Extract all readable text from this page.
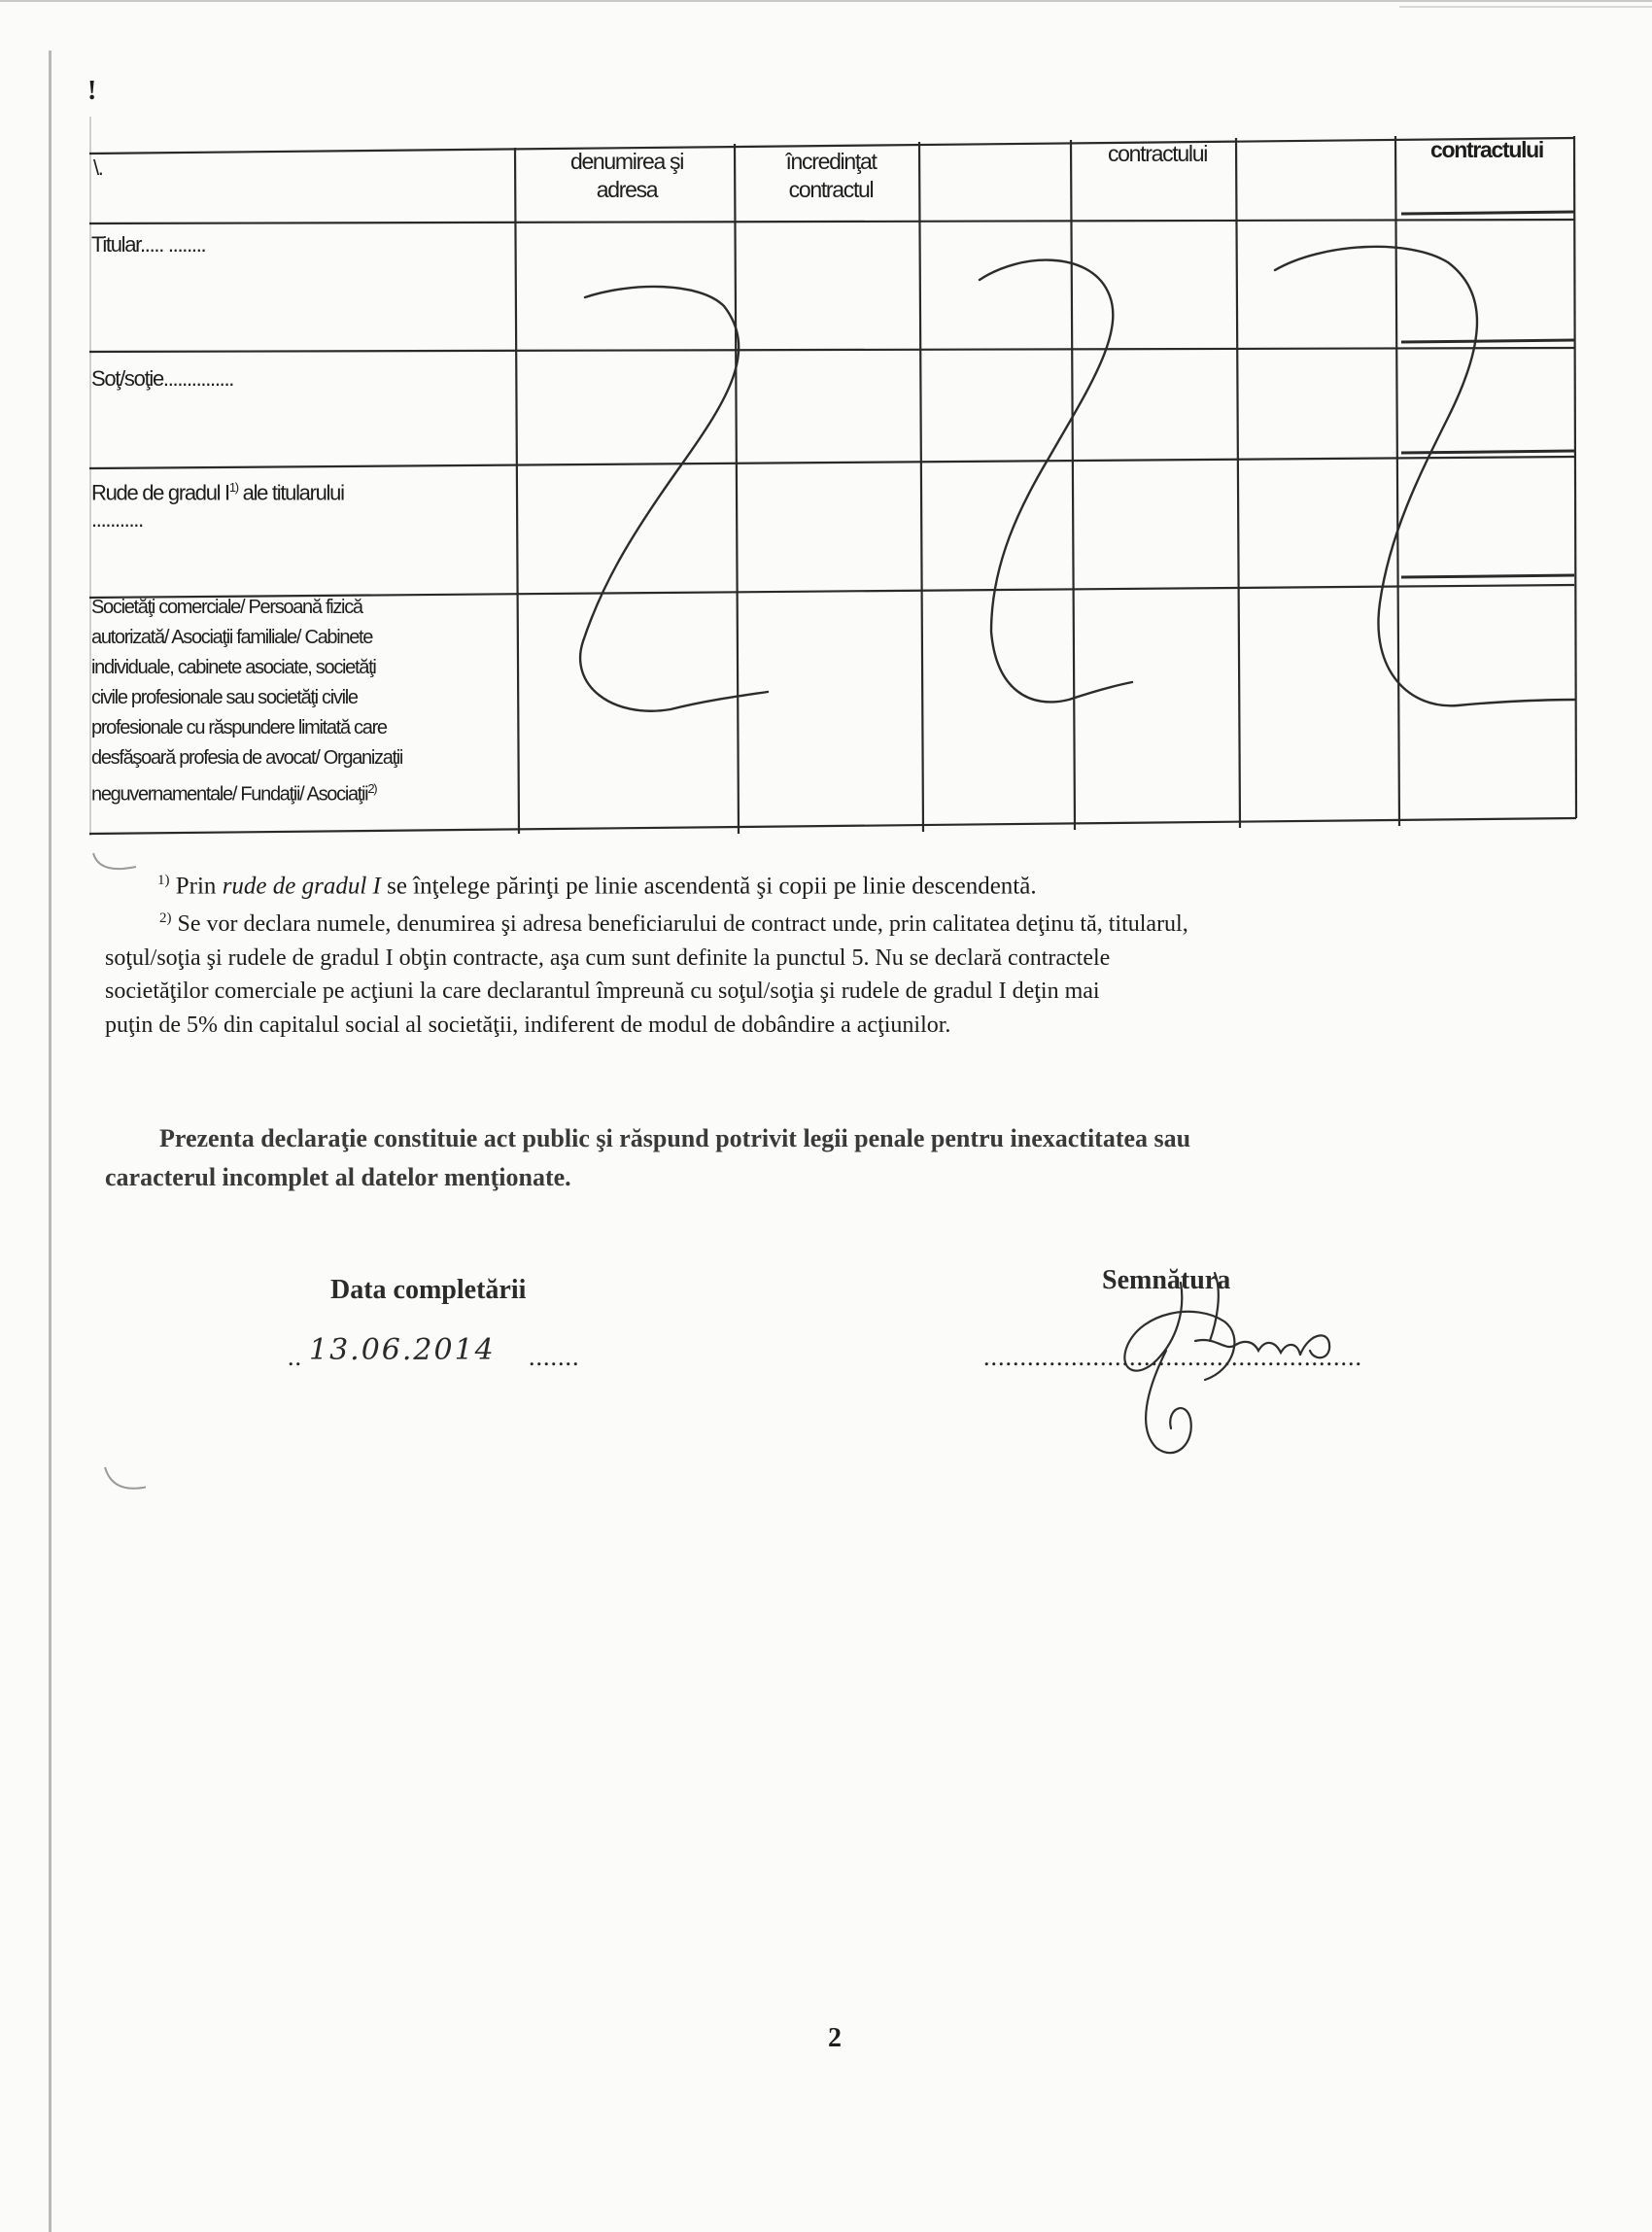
!
\.	denumirea şi adresa
încredinţat contractul
contractului	contractului
Titular..... ........
Soţ/soţie...............
Rude de gradul $I^{1)}$ ale titularului
...........
Societăţi comerciale/ Persoană fizică
autorizată/ Asociaţii familiale/ Cabinete
individuale, cabinete asociate, societăţi
civile profesionale sau societăţi civile
profesionale cu răspundere limitată care
desfăşoară profesia de avocat/ Organizaţii
neguvernamentale/ Fundaţii/ Asociaţii$^{2)}$
$^{1)}$ Prin rude de gradul I se înţelege părinţi pe linie ascendentă şi copii pe linie descendentă.
$^{2)}$ Se vor declara numele, denumirea şi adresa beneficiarului de contract unde, prin calitatea deţinu tă, titularul,
soţul/soţia şi rudele de gradul I obţin contracte, aşa cum sunt definite la punctul 5. Nu se declară contractele
societăţilor comerciale pe acţiuni la care declarantul împreună cu soţul/soţia şi rudele de gradul I deţin mai
puţin de 5% din capitalul social al societăţii, indiferent de modul de dobândire a acţiunilor.
Prezenta declaraţie constituie act public şi răspund potrivit legii penale pentru inexactitatea sau
caracterul incomplet al datelor menţionate.
Data completării
.. 13.06.2014 .......
Semnătura
....................................................
2
